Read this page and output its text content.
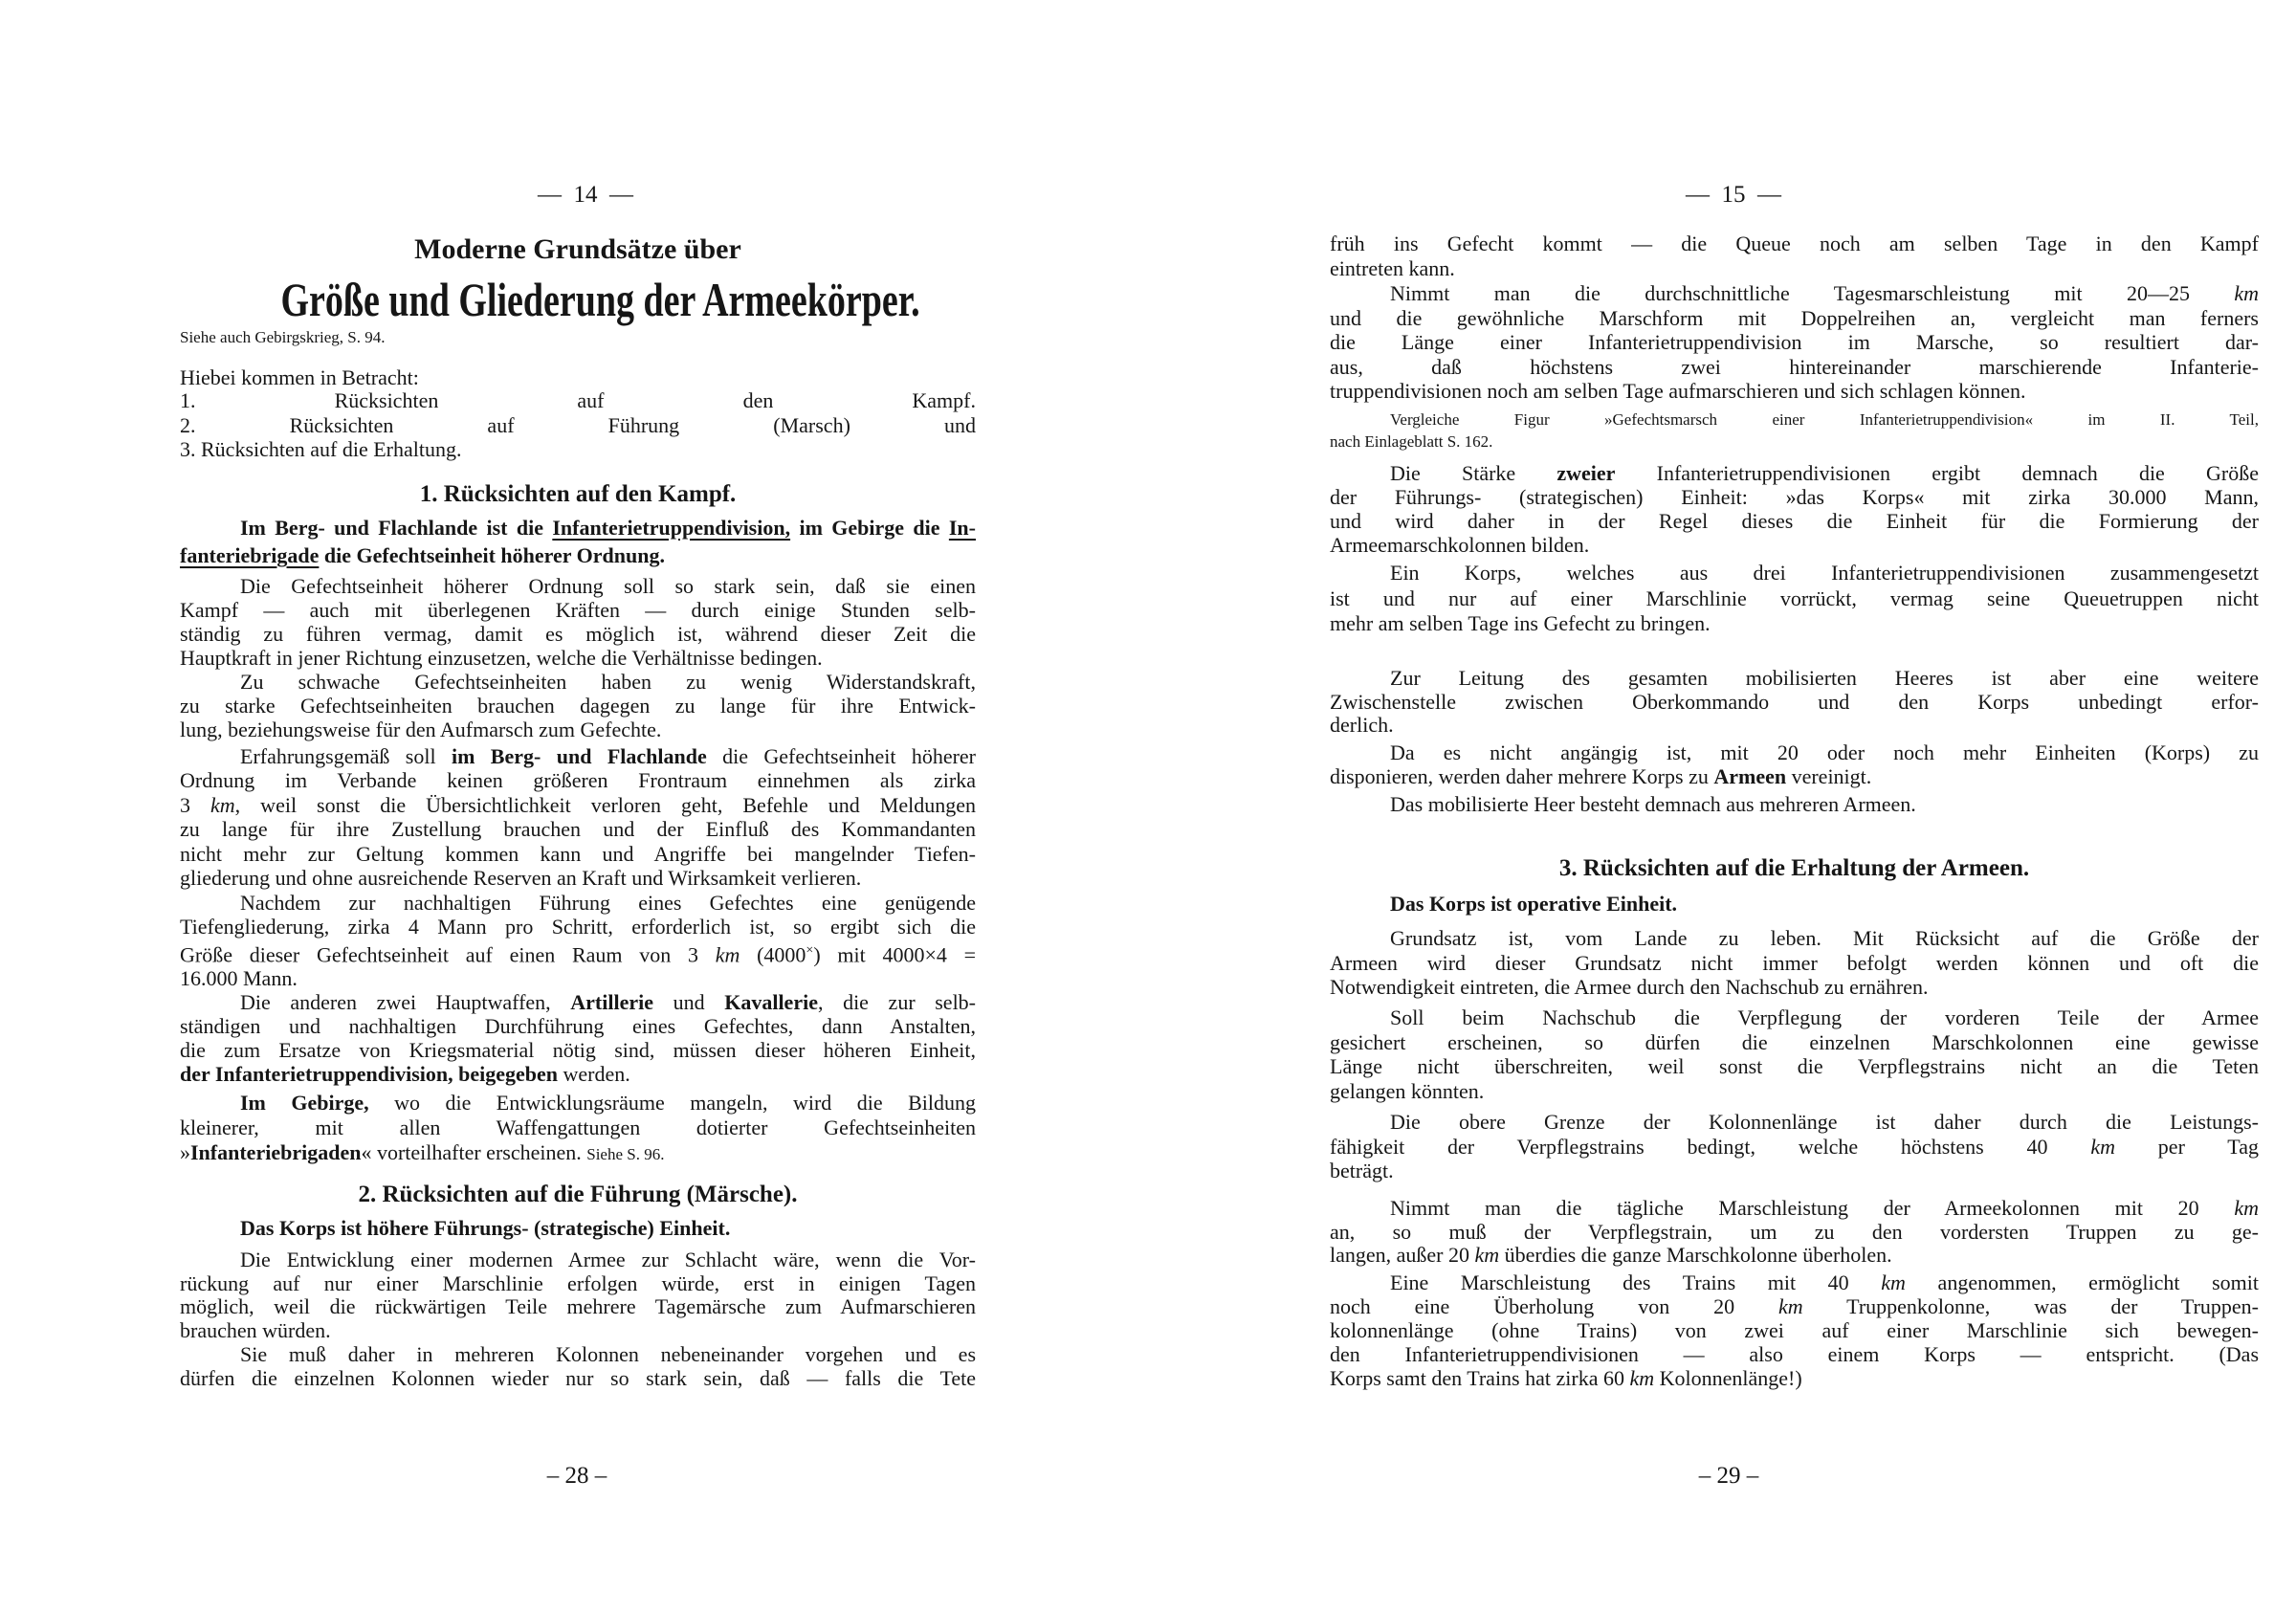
—  14  —
Moderne Grundsätze über
Größe und Gliederung der Armeekörper.
Siehe auch Gebirgskrieg, S. 94.
Hiebei kommen in Betracht:
1. Rücksichten auf den Kampf.
2. Rücksichten auf Führung (Marsch) und
3. Rücksichten auf die Erhaltung.
1. Rücksichten auf den Kampf.
Im Berg- und Flachlande ist die Infanterietruppendivision, im Gebirge die In-
fanteriebrigade die Gefechtseinheit höherer Ordnung.
Die Gefechtseinheit höherer Ordnung soll so stark sein, daß sie einen
Kampf — auch mit überlegenen Kräften — durch einige Stunden selb-
ständig zu führen vermag, damit es möglich ist, während dieser Zeit die
Hauptkraft in jener Richtung einzusetzen, welche die Verhältnisse bedingen.
Zu schwache Gefechtseinheiten haben zu wenig Widerstandskraft,
zu starke Gefechtseinheiten brauchen dagegen zu lange für ihre Entwick-
lung, beziehungsweise für den Aufmarsch zum Gefechte.
Erfahrungsgemäß soll im Berg- und Flachlande die Gefechtseinheit höherer
Ordnung im Verbande keinen größeren Frontraum einnehmen als zirka
3 km, weil sonst die Übersichtlichkeit verloren geht, Befehle und Meldungen
zu lange für ihre Zustellung brauchen und der Einfluß des Kommandanten
nicht mehr zur Geltung kommen kann und Angriffe bei mangelnder Tiefen-
gliederung und ohne ausreichende Reserven an Kraft und Wirksamkeit verlieren.
Nachdem zur nachhaltigen Führung eines Gefechtes eine genügende
Tiefengliederung, zirka 4 Mann pro Schritt, erforderlich ist, so ergibt sich die
Größe dieser Gefechtseinheit auf einen Raum von 3 km (4000×) mit 4000×4 =
16.000 Mann.
Die anderen zwei Hauptwaffen, Artillerie und Kavallerie, die zur selb-
ständigen und nachhaltigen Durchführung eines Gefechtes, dann Anstalten,
die zum Ersatze von Kriegsmaterial nötig sind, müssen dieser höheren Einheit,
der Infanterietruppendivision, beigegeben werden.
Im Gebirge, wo die Entwicklungsräume mangeln, wird die Bildung
kleinerer, mit allen Waffengattungen dotierter Gefechtseinheiten
»Infanteriebrigaden« vorteilhafter erscheinen. Siehe S. 96.
2. Rücksichten auf die Führung (Märsche).
Das Korps ist höhere Führungs- (strategische) Einheit.
Die Entwicklung einer modernen Armee zur Schlacht wäre, wenn die Vor-
rückung auf nur einer Marschlinie erfolgen würde, erst in einigen Tagen
möglich, weil die rückwärtigen Teile mehrere Tagemärsche zum Aufmarschieren
brauchen würden.
Sie muß daher in mehreren Kolonnen nebeneinander vorgehen und es
dürfen die einzelnen Kolonnen wieder nur so stark sein, daß — falls die Tete
– 28 –
—  15  —
früh ins Gefecht kommt — die Queue noch am selben Tage in den Kampf
eintreten kann.
Nimmt man die durchschnittliche Tagesmarschleistung mit 20—25 km
und die gewöhnliche Marschform mit Doppelreihen an, vergleicht man ferners
die Länge einer Infanterietruppendivision im Marsche, so resultiert dar-
aus, daß höchstens zwei hintereinander marschierende Infanterie-
truppendivisionen noch am selben Tage aufmarschieren und sich schlagen können.
Vergleiche Figur »Gefechtsmarsch einer Infanterietruppendivision« im II. Teil,
nach Einlageblatt S. 162.
Die Stärke zweier Infanterietruppendivisionen ergibt demnach die Größe
der Führungs- (strategischen) Einheit: »das Korps« mit zirka 30.000 Mann,
und wird daher in der Regel dieses die Einheit für die Formierung der
Armeemarschkolonnen bilden.
Ein Korps, welches aus drei Infanterietruppendivisionen zusammengesetzt
ist und nur auf einer Marschlinie vorrückt, vermag seine Queuetruppen nicht
mehr am selben Tage ins Gefecht zu bringen.
Zur Leitung des gesamten mobilisierten Heeres ist aber eine weitere
Zwischenstelle zwischen Oberkommando und den Korps unbedingt erfor-
derlich.
Da es nicht angängig ist, mit 20 oder noch mehr Einheiten (Korps) zu
disponieren, werden daher mehrere Korps zu Armeen vereinigt.
Das mobilisierte Heer besteht demnach aus mehreren Armeen.
3. Rücksichten auf die Erhaltung der Armeen.
Das Korps ist operative Einheit.
Grundsatz ist, vom Lande zu leben. Mit Rücksicht auf die Größe der
Armeen wird dieser Grundsatz nicht immer befolgt werden können und oft die
Notwendigkeit eintreten, die Armee durch den Nachschub zu ernähren.
Soll beim Nachschub die Verpflegung der vorderen Teile der Armee
gesichert erscheinen, so dürfen die einzelnen Marschkolonnen eine gewisse
Länge nicht überschreiten, weil sonst die Verpflegstrains nicht an die Teten
gelangen könnten.
Die obere Grenze der Kolonnenlänge ist daher durch die Leistungs-
fähigkeit der Verpflegstrains bedingt, welche höchstens 40 km per Tag
beträgt.
Nimmt man die tägliche Marschleistung der Armeekolonnen mit 20 km
an, so muß der Verpflegstrain, um zu den vordersten Truppen zu ge-
langen, außer 20 km überdies die ganze Marschkolonne überholen.
Eine Marschleistung des Trains mit 40 km angenommen, ermöglicht somit
noch eine Überholung von 20 km Truppenkolonne, was der Truppen-
kolonnenlänge (ohne Trains) von zwei auf einer Marschlinie sich bewegen-
den Infanterietruppendivisionen — also einem Korps — entspricht. (Das
Korps samt den Trains hat zirka 60 km Kolonnenlänge!)
– 29 –
